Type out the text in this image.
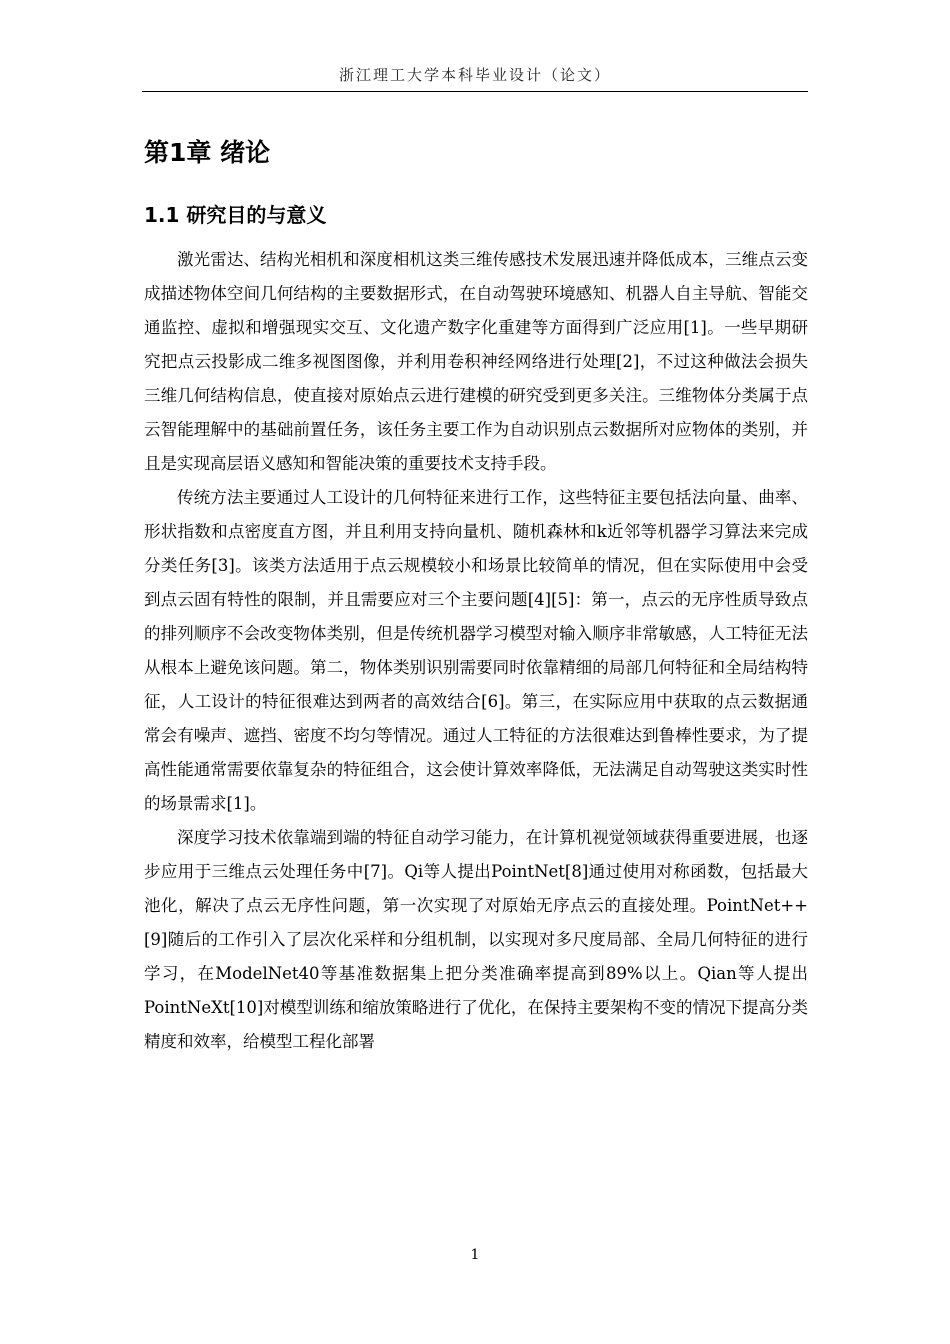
浙江理工大学本科毕业设计（论文）
第1章 绪论
1.1 研究目的与意义

激光雷达、结构光相机和深度相机这类三维传感技术发展迅速并降低成本，三维点云变成描述物体空间几何结构的主要数据形式，在自动驾驶环境感知、机器人自主导航、智能交通监控、虚拟和增强现实交互、文化遗产数字化重建等方面得到广泛应用[1]。一些早期研究把点云投影成二维多视图图像，并利用卷积神经网络进行处理[2]，不过这种做法会损失三维几何结构信息，使直接对原始点云进行建模的研究受到更多关注。三维物体分类属于点云智能理解中的基础前置任务，该任务主要工作为自动识别点云数据所对应物体的类别，并且是实现高层语义感知和智能决策的重要技术支持手段。

传统方法主要通过人工设计的几何特征来进行工作，这些特征主要包括法向量、曲率、形状指数和点密度直方图，并且利用支持向量机、随机森林和k近邻等机器学习算法来完成分类任务[3]。该类方法适用于点云规模较小和场景比较简单的情况，但在实际使用中会受到点云固有特性的限制，并且需要应对三个主要问题[4][5]：第一，点云的无序性质导致点的排列顺序不会改变物体类别，但是传统机器学习模型对输入顺序非常敏感，人工特征无法从根本上避免该问题。第二，物体类别识别需要同时依靠精细的局部几何特征和全局结构特征，人工设计的特征很难达到两者的高效结合[6]。第三，在实际应用中获取的点云数据通常会有噪声、遮挡、密度不均匀等情况。通过人工特征的方法很难达到鲁棒性要求，为了提高性能通常需要依靠复杂的特征组合，这会使计算效率降低，无法满足自动驾驶这类实时性的场景需求[1]。

深度学习技术依靠端到端的特征自动学习能力，在计算机视觉领域获得重要进展，也逐步应用于三维点云处理任务中[7]。Qi等人提出PointNet[8]通过使用对称函数，包括最大池化，解决了点云无序性问题，第一次实现了对原始无序点云的直接处理。PointNet++[9]随后的工作引入了层次化采样和分组机制，以实现对多尺度局部、全局几何特征的进行学习，在ModelNet40等基准数据集上把分类准确率提高到89%以上。Qian等人提出PointNeXt[10]对模型训练和缩放策略进行了优化，在保持主要架构不变的情况下提高分类精度和效率，给模型工程化部署

1
